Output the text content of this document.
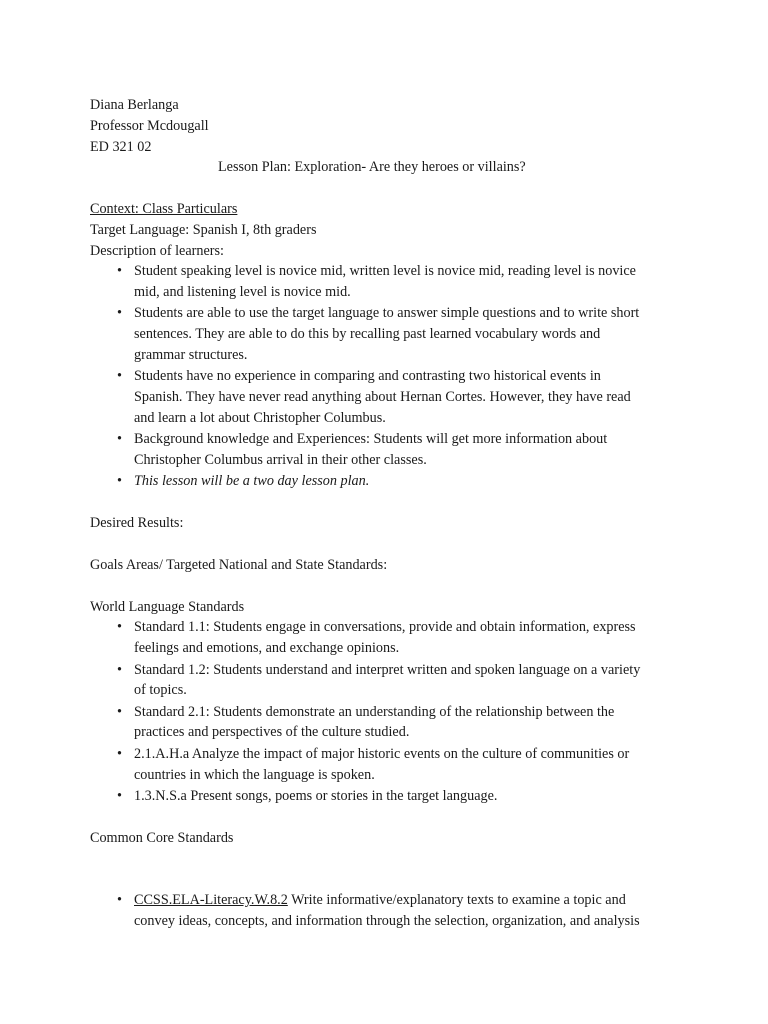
Diana Berlanga
Professor Mcdougall
ED 321 02
Lesson Plan: Exploration- Are they heroes or villains?
Context: Class Particulars
Target Language: Spanish I, 8th graders
Description of learners:
• Student speaking level is novice mid, written level is novice mid, reading level is novice
mid, and listening level is novice mid.
• Students are able to use the target language to answer simple questions and to write short
sentences. They are able to do this by recalling past learned vocabulary words and
grammar structures.
• Students have no experience in comparing and contrasting two historical events in
Spanish. They have never read anything about Hernan Cortes. However, they have read
and learn a lot about Christopher Columbus.
• Background knowledge and Experiences: Students will get more information about
Christopher Columbus arrival in their other classes.
• This lesson will be a two day lesson plan.
Desired Results:
Goals Areas/ Targeted National and State Standards:
World Language Standards
• Standard 1.1: Students engage in conversations, provide and obtain information, express
feelings and emotions, and exchange opinions.
• Standard 1.2: Students understand and interpret written and spoken language on a variety
of topics.
• Standard 2.1: Students demonstrate an understanding of the relationship between the
practices and perspectives of the culture studied.
• 2.1.A.H.a Analyze the impact of major historic events on the culture of communities or
countries in which the language is spoken.
• 1.3.N.S.a Present songs, poems or stories in the target language.
Common Core Standards
• CCSS.ELA-Literacy.W.8.2 Write informative/explanatory texts to examine a topic and
convey ideas, concepts, and information through the selection, organization, and analysis
